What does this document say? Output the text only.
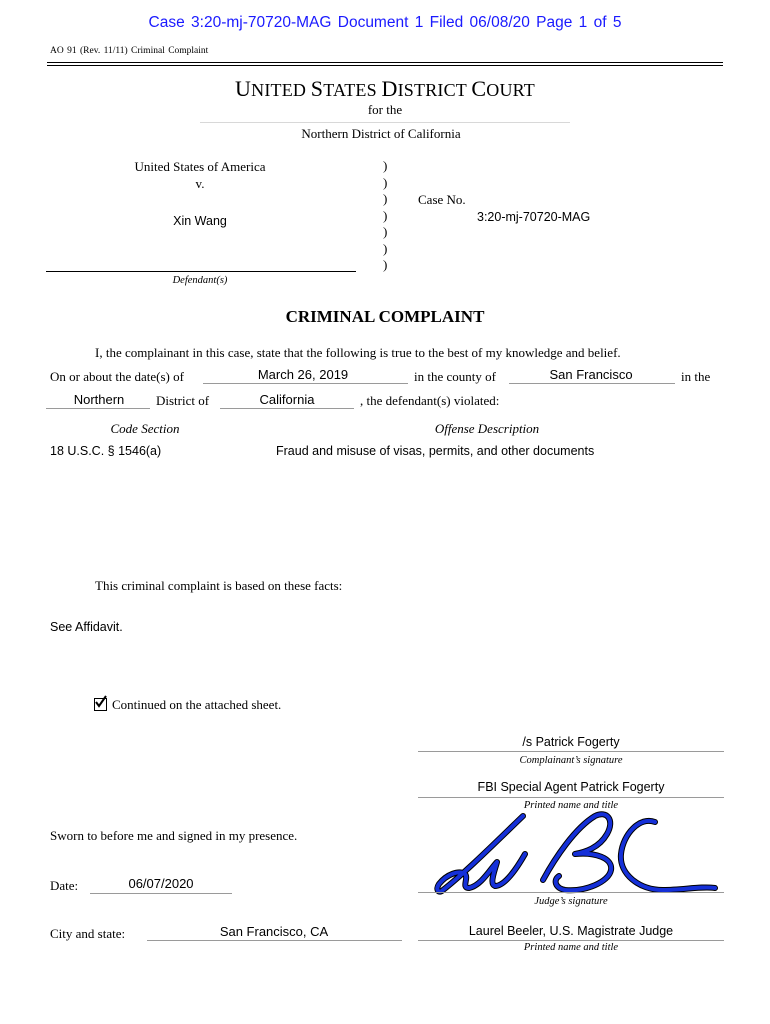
Case 3:20-mj-70720-MAG Document 1 Filed 06/08/20 Page 1 of 5
AO 91 (Rev. 11/11) Criminal Complaint
UNITED STATES DISTRICT COURT
for the
Northern District of California
United States of America
v.
Xin Wang
Defendant(s)
)
)
)
)
)
)
)
Case No.
3:20-mj-70720-MAG
CRIMINAL COMPLAINT
I, the complainant in this case, state that the following is true to the best of my knowledge and belief.
On or about the date(s) of	March 26, 2019	in the county of	San Francisco	in the
Northern District of	California	, the defendant(s) violated:
Code Section	Offense Description
18 U.S.C. § 1546(a)	Fraud and misuse of visas, permits, and other documents
This criminal complaint is based on these facts:
See Affidavit.
Continued on the attached sheet.
/s Patrick Fogerty
Complainant’s signature
FBI Special Agent Patrick Fogerty
Printed name and title
Sworn to before me and signed in my presence.
Date:	06/07/2020
Judge’s signature
City and state:	San Francisco, CA	Laurel Beeler, U.S. Magistrate Judge
Printed name and title
